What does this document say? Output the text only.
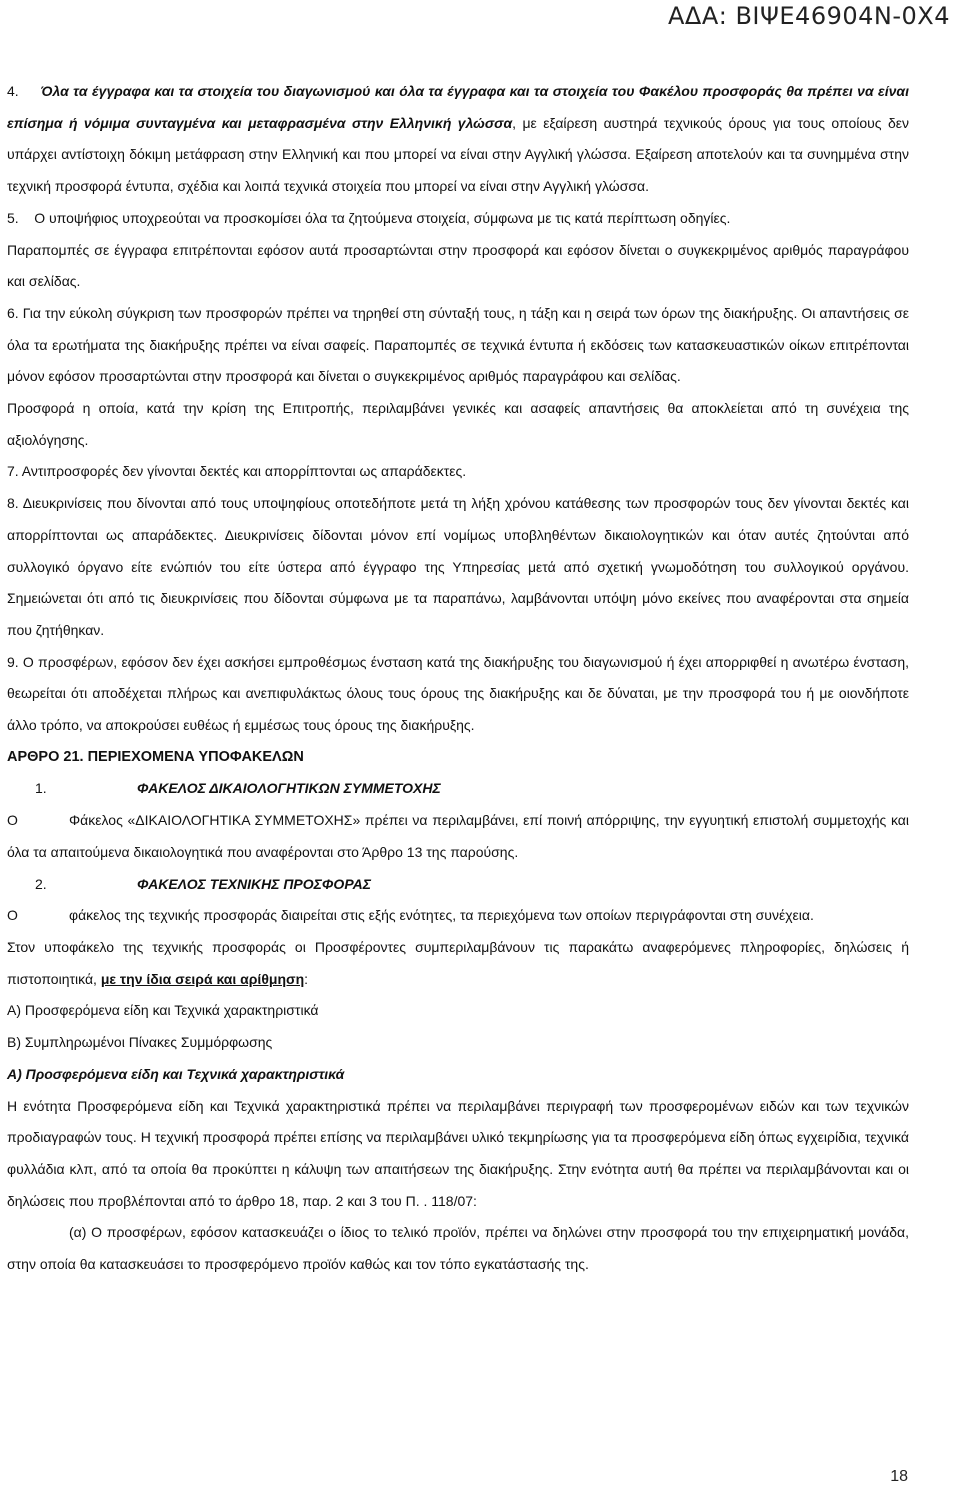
ΑΔΑ: ΒΙΨΕ46904Ν-0Χ4

4. Όλα τα έγγραφα και τα στοιχεία του διαγωνισμού και όλα τα έγγραφα και τα στοιχεία του Φακέλου προσφοράς θα πρέπει να είναι επίσημα ή νόμιμα συνταγμένα και μεταφρασμένα στην Ελληνική γλώσσα, με εξαίρεση αυστηρά τεχνικούς όρους για τους οποίους δεν υπάρχει αντίστοιχη δόκιμη μετάφραση στην Ελληνική και που μπορεί να είναι στην Αγγλική γλώσσα. Εξαίρεση αποτελούν και τα συνημμένα στην τεχνική προσφορά έντυπα, σχέδια και λοιπά τεχνικά στοιχεία που μπορεί να είναι στην Αγγλική γλώσσα.

5.    Ο υποψήφιος υποχρεούται να προσκομίσει όλα τα ζητούμενα στοιχεία, σύμφωνα με τις κατά περίπτωση οδηγίες.

Παραπομπές σε έγγραφα επιτρέπονται εφόσον αυτά προσαρτώνται στην προσφορά και εφόσον δίνεται ο συγκεκριμένος αριθμός παραγράφου και σελίδας.

6. Για την εύκολη σύγκριση των προσφορών πρέπει να τηρηθεί στη σύνταξή τους, η τάξη και η σειρά των όρων της διακήρυξης. Οι απαντήσεις σε όλα τα ερωτήματα της διακήρυξης πρέπει να είναι σαφείς. Παραπομπές σε τεχνικά έντυπα ή εκδόσεις των κατασκευαστικών οίκων επιτρέπονται μόνον εφόσον προσαρτώνται στην προσφορά και δίνεται ο συγκεκριμένος αριθμός παραγράφου και σελίδας.

Προσφορά η οποία, κατά την κρίση της Επιτροπής, περιλαμβάνει γενικές και ασαφείς απαντήσεις θα αποκλείεται από τη συνέχεια της αξιολόγησης.

7. Αντιπροσφορές δεν γίνονται δεκτές και απορρίπτονται ως απαράδεκτες.

8. Διευκρινίσεις που δίνονται από τους υποψηφίους οποτεδήποτε μετά τη λήξη χρόνου κατάθεσης των προσφορών τους δεν γίνονται δεκτές και απορρίπτονται ως απαράδεκτες. Διευκρινίσεις δίδονται μόνον επί νομίμως υποβληθέντων δικαιολογητικών και όταν αυτές ζητούνται από συλλογικό όργανο είτε ενώπιόν του είτε ύστερα από έγγραφο της Υπηρεσίας μετά από σχετική γνωμοδότηση του συλλογικού οργάνου. Σημειώνεται ότι από τις διευκρινίσεις που δίδονται σύμφωνα με τα παραπάνω, λαμβάνονται υπόψη μόνο εκείνες που αναφέρονται στα σημεία που ζητήθηκαν.

9. Ο προσφέρων, εφόσον δεν έχει ασκήσει εμπροθέσμως ένσταση κατά της διακήρυξης του διαγωνισμού ή έχει απορριφθεί η ανωτέρω ένσταση, θεωρείται ότι αποδέχεται πλήρως και ανεπιφυλάκτως όλους τους όρους της διακήρυξης και δε δύναται, με την προσφορά του ή με οιονδήποτε άλλο τρόπο, να αποκρούσει ευθέως ή εμμέσως τους όρους της διακήρυξης.

ΑΡΘΡΟ 21. ΠΕΡΙΕΧΟΜΕΝΑ ΥΠΟΦΑΚΕΛΩΝ

1.	ΦΑΚΕΛΟΣ ΔΙΚΑΙΟΛΟΓΗΤΙΚΩΝ ΣΥΜΜΕΤΟΧΗΣ

Ο	Φάκελος «ΔΙΚΑΙΟΛΟΓΗΤΙΚΑ ΣΥΜΜΕΤΟΧΗΣ» πρέπει να περιλαμβάνει, επί ποινή απόρριψης, την εγγυητική επιστολή συμμετοχής και όλα τα απαιτούμενα δικαιολογητικά που αναφέρονται στο Άρθρο 13 της παρούσης.

2.	ΦΑΚΕΛΟΣ ΤΕΧΝΙΚΗΣ ΠΡΟΣΦΟΡΑΣ

Ο	φάκελος της τεχνικής προσφοράς διαιρείται στις εξής ενότητες, τα περιεχόμενα των οποίων περιγράφονται στη συνέχεια.

Στον υποφάκελο της τεχνικής προσφοράς οι Προσφέροντες συμπεριλαμβάνουν τις παρακάτω αναφερόμενες πληροφορίες, δηλώσεις ή πιστοποιητικά, με την ίδια σειρά και αρίθμηση:

Α) Προσφερόμενα είδη και Τεχνικά χαρακτηριστικά

Β) Συμπληρωμένοι Πίνακες Συμμόρφωσης

Α) Προσφερόμενα είδη και Τεχνικά χαρακτηριστικά

Η ενότητα Προσφερόμενα είδη και Τεχνικά χαρακτηριστικά πρέπει να περιλαμβάνει περιγραφή των προσφερομένων ειδών και των τεχνικών προδιαγραφών τους. Η τεχνική προσφορά πρέπει επίσης να περιλαμβάνει υλικό τεκμηρίωσης για τα προσφερόμενα είδη όπως εγχειρίδια, τεχνικά φυλλάδια κλπ, από τα οποία θα προκύπτει η κάλυψη των απαιτήσεων της διακήρυξης. Στην ενότητα αυτή θα πρέπει να περιλαμβάνονται και οι δηλώσεις που προβλέπονται από το άρθρο 18, παρ. 2 και 3 του Π. . 118/07:

(α) Ο προσφέρων, εφόσον κατασκευάζει ο ίδιος το τελικό προϊόν, πρέπει να δηλώνει στην προσφορά του την επιχειρηματική μονάδα, στην οποία θα κατασκευάσει το προσφερόμενο προϊόν καθώς και τον τόπο εγκατάστασής της.

18
